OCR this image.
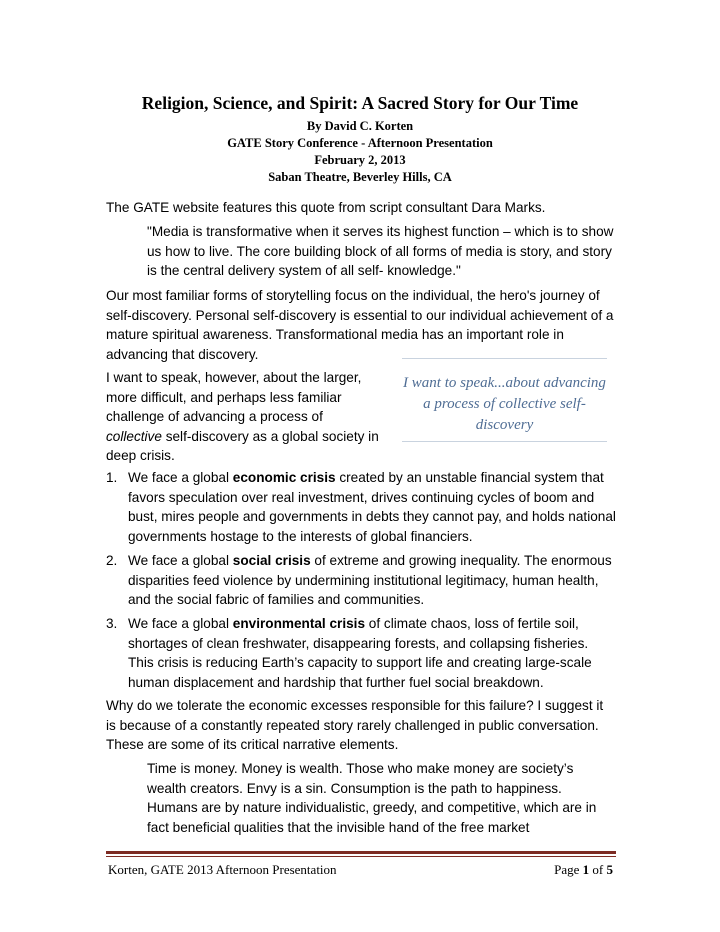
Religion, Science, and Spirit: A Sacred Story for Our Time
By David C. Korten
GATE Story Conference - Afternoon Presentation
February 2, 2013
Saban Theatre, Beverley Hills, CA
The GATE website features this quote from script consultant Dara Marks.
"Media is transformative when it serves its highest function – which is to show us how to live. The core building block of all forms of media is story, and story is the central delivery system of all self- knowledge."
Our most familiar forms of storytelling focus on the individual, the hero's journey of self-discovery. Personal self-discovery is essential to our individual achievement of a mature spiritual awareness. Transformational media has an important role in advancing that discovery.
I want to speak, however, about the larger, more difficult, and perhaps less familiar challenge of advancing a process of collective self-discovery as a global society in deep crisis.
I want to speak...about advancing a process of collective self-discovery
1. We face a global economic crisis created by an unstable financial system that favors speculation over real investment, drives continuing cycles of boom and bust, mires people and governments in debts they cannot pay, and holds national governments hostage to the interests of global financiers.
2. We face a global social crisis of extreme and growing inequality. The enormous disparities feed violence by undermining institutional legitimacy, human health, and the social fabric of families and communities.
3. We face a global environmental crisis of climate chaos, loss of fertile soil, shortages of clean freshwater, disappearing forests, and collapsing fisheries. This crisis is reducing Earth’s capacity to support life and creating large-scale human displacement and hardship that further fuel social breakdown.
Why do we tolerate the economic excesses responsible for this failure? I suggest it is because of a constantly repeated story rarely challenged in public conversation. These are some of its critical narrative elements.
Time is money. Money is wealth. Those who make money are society’s wealth creators. Envy is a sin. Consumption is the path to happiness. Humans are by nature individualistic, greedy, and competitive, which are in fact beneficial qualities that the invisible hand of the free market
Korten, GATE 2013 Afternoon Presentation	Page 1 of 5
